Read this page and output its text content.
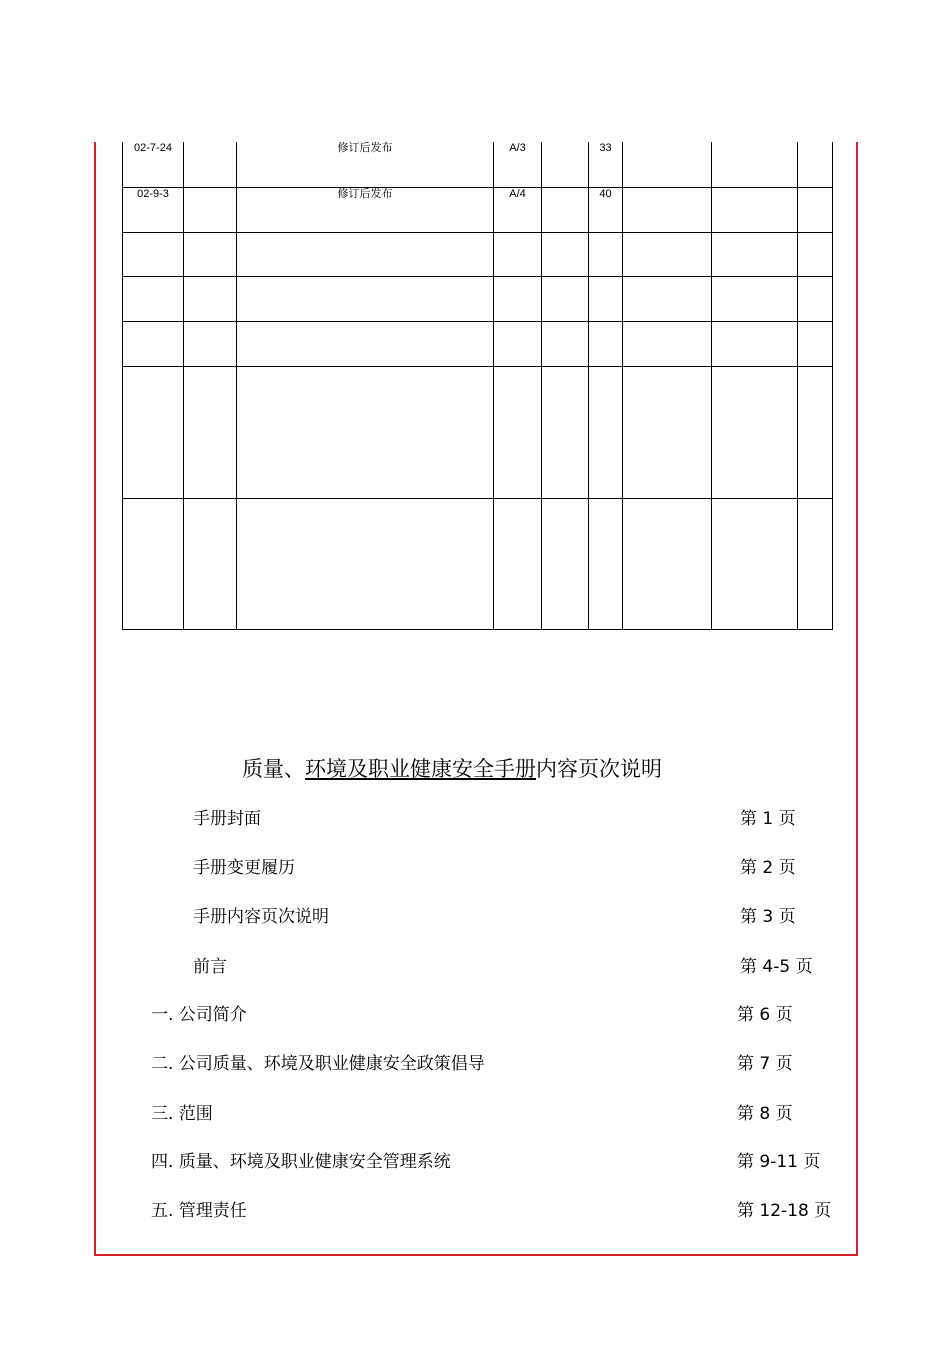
02-7-24		修订后发布	A/3		33			
02-9-3		修订后发布	A/4		40			

质量、环境及职业健康安全手册内容页次说明
手册封面	第 1 页
手册变更履历	第 2 页
手册内容页次说明	第 3 页
前言	第 4-5 页
一. 公司简介	第 6 页
二. 公司质量、环境及职业健康安全政策倡导	第 7 页
三. 范围	第 8 页
四. 质量、环境及职业健康安全管理系统	第 9-11 页
五. 管理责任	第 12-18 页
